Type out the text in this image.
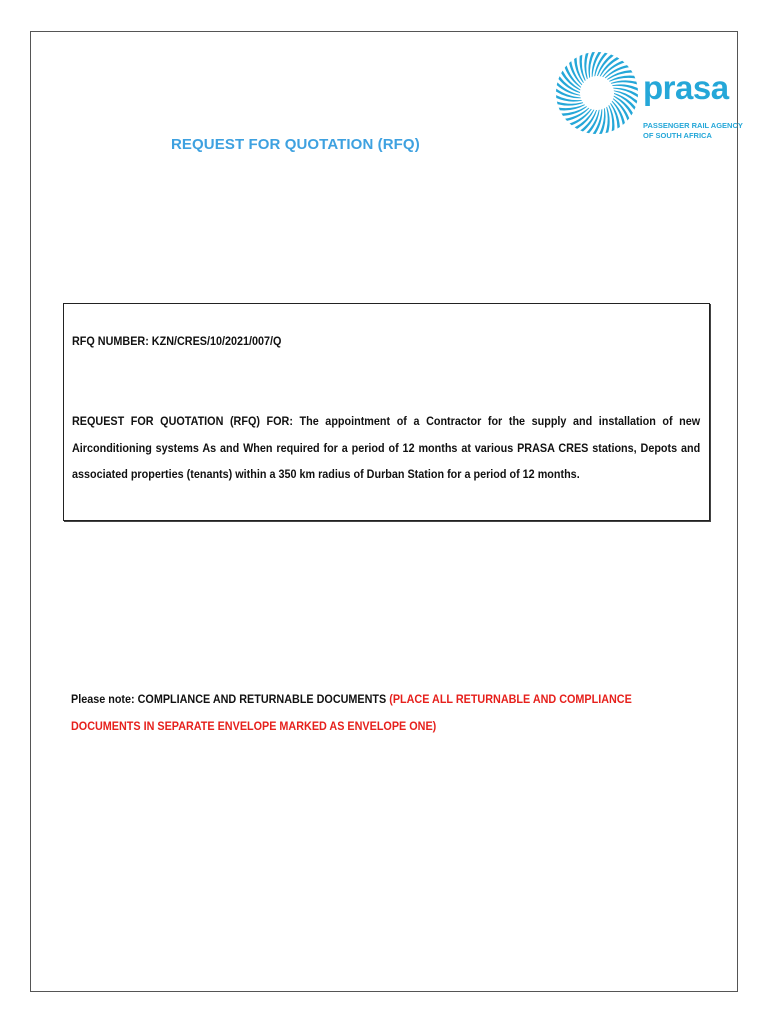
prasa
PASSENGER RAIL AGENCY
OF SOUTH AFRICA
REQUEST FOR QUOTATION (RFQ)
RFQ NUMBER: KZN/CRES/10/2021/007/Q
REQUEST FOR QUOTATION (RFQ) FOR: The appointment of a Contractor for the supply and installation of new Airconditioning systems As and When required for a period of 12 months at various PRASA CRES stations, Depots and associated properties (tenants) within a 350 km radius of Durban Station for a period of 12 months.
Please note: COMPLIANCE AND RETURNABLE DOCUMENTS (PLACE ALL RETURNABLE AND COMPLIANCE DOCUMENTS IN SEPARATE ENVELOPE MARKED AS ENVELOPE ONE)
